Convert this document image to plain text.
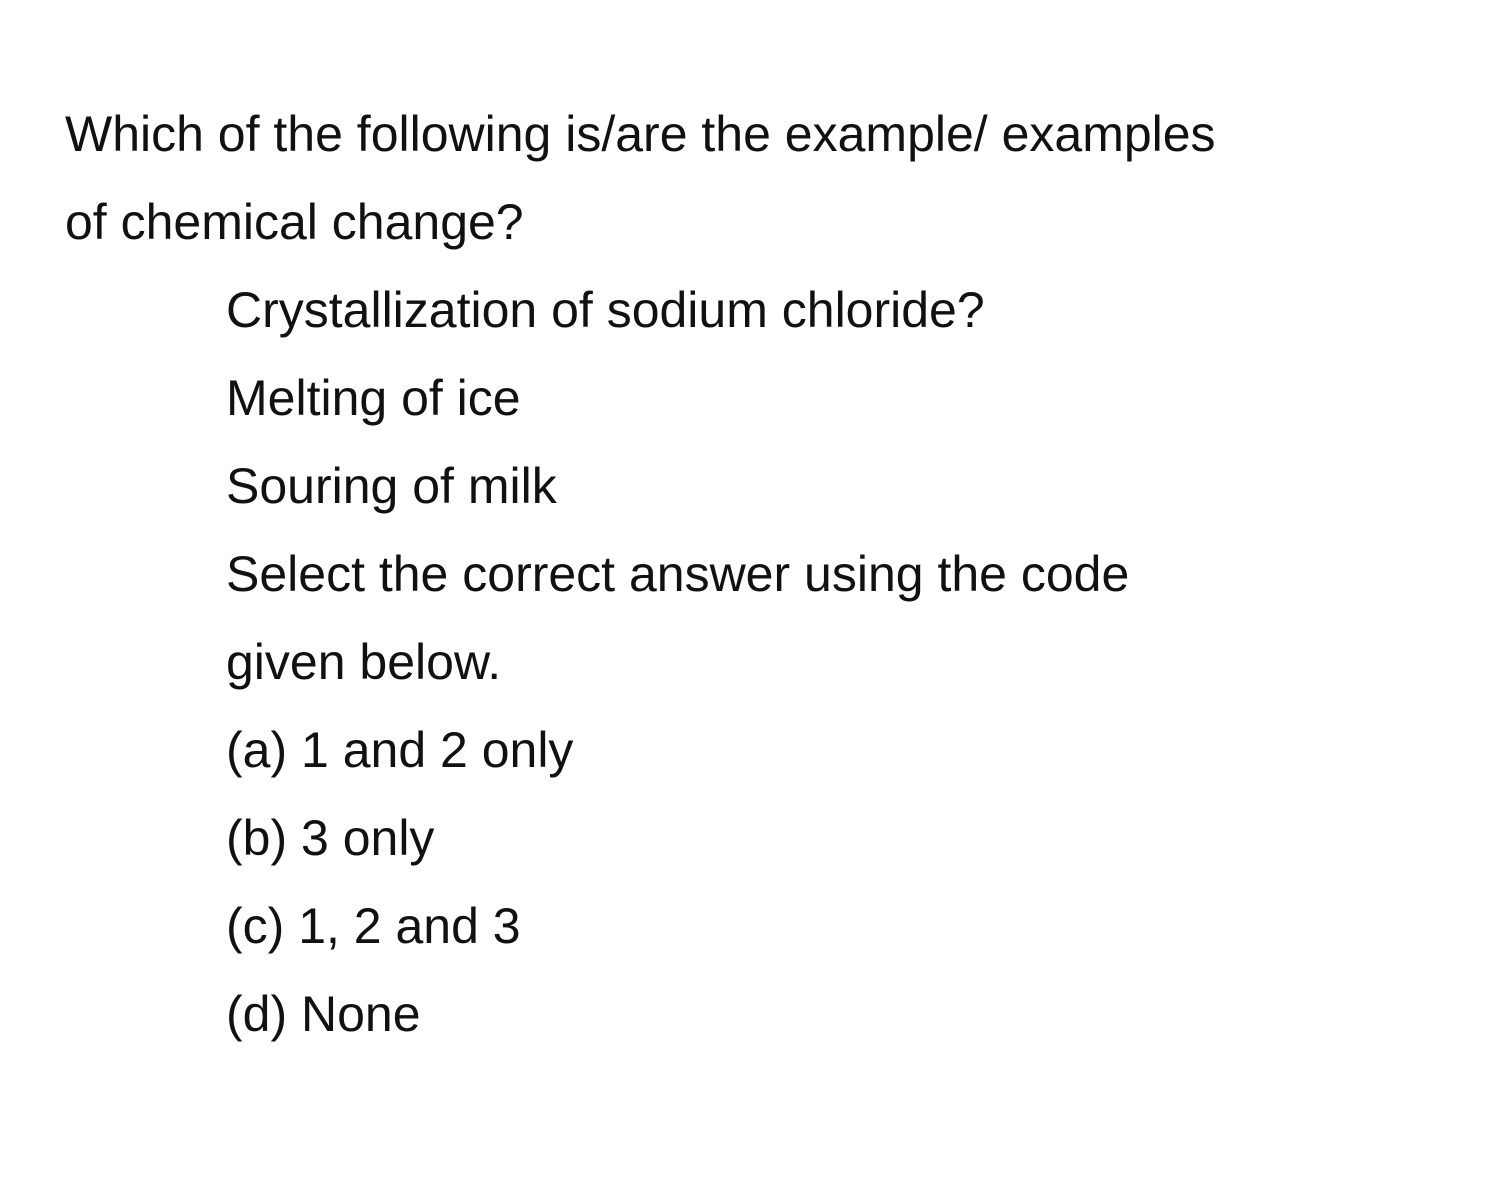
Which of the following is/are the example/ examples
of chemical change?
Crystallization of sodium chloride?
Melting of ice
Souring of milk
Select the correct answer using the code
given below.
(a) 1 and 2 only
(b) 3 only
(c) 1, 2 and 3
(d) None
